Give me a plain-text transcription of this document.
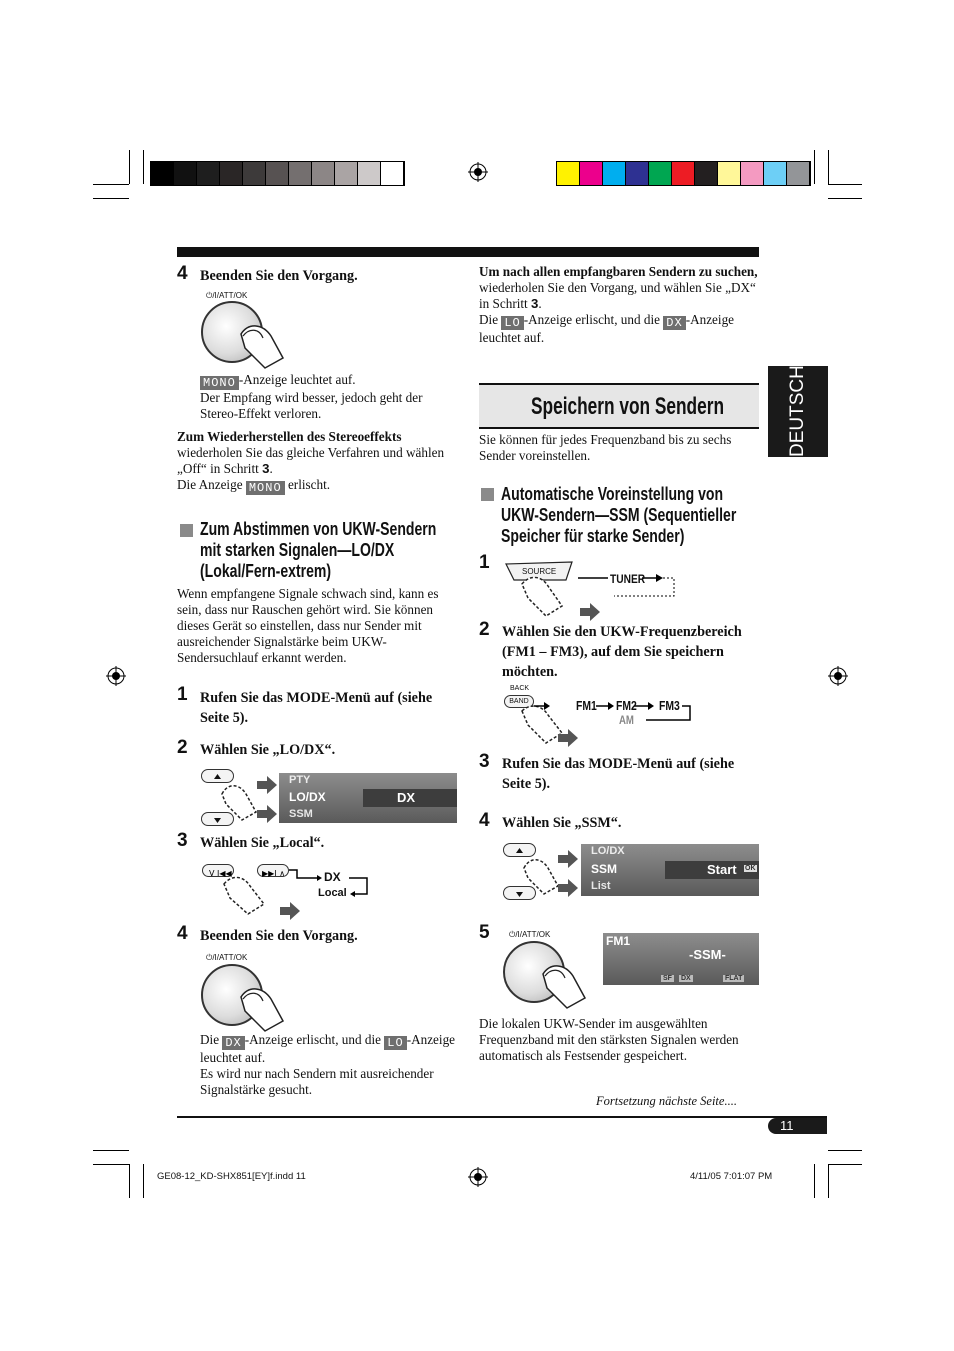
DEUTSCH
4 Beenden Sie den Vorgang.
⏻/I/ATT/OK
MONO -Anzeige leuchtet auf.
Der Empfang wird besser, jedoch geht der Stereo-Effekt verloren.
Zum Wiederherstellen des Stereoeffekts
wiederholen Sie das gleiche Verfahren und wählen „Off“ in Schritt 3.
Die Anzeige MONO erlischt.
Zum Abstimmen von UKW-Sendern
mit starken Signalen—LO/DX
(Lokal/Fern-extrem)
Wenn empfangene Signale schwach sind, kann es sein, dass nur Rauschen gehört wird. Sie können dieses Gerät so einstellen, dass nur Sender mit ausreichender Signalstärke beim UKW-Sendersuchlauf erkannt werden.
1 Rufen Sie das MODE-Menü auf (siehe Seite 5).
2 Wählen Sie „LO/DX“.
PTY
LO/DX
SSM
DX
3 Wählen Sie „Local“.
V I◀◀	▶▶I ∧	DX
Local
4 Beenden Sie den Vorgang.
⏻/I/ATT/OK
Die DX -Anzeige erlischt, und die LO -Anzeige leuchtet auf.
Es wird nur nach Sendern mit ausreichender Signalstärke gesucht.
Um nach allen empfangbaren Sendern zu suchen, wiederholen Sie den Vorgang, und wählen Sie „DX“ in Schritt 3.
Die LO -Anzeige erlischt, und die DX -Anzeige leuchtet auf.
Speichern von Sendern
Sie können für jedes Frequenzband bis zu sechs Sender voreinstellen.
Automatische Voreinstellung von
UKW-Sendern—SSM (Sequentieller
Speicher für starke Sender)
1	SOURCE
TUNER
2 Wählen Sie den UKW-Frequenzbereich (FM1 – FM3), auf dem Sie speichern möchten.
BACK
BAND	FM1 FM2 FM3
AM
3 Rufen Sie das MODE-Menü auf (siehe Seite 5).
4 Wählen Sie „SSM“.
LO/DX
SSM
List
Start OK
5 ⏻/I/ATT/OK	FM1
-SSM-
SF DX	FLAT
Die lokalen UKW-Sender im ausgewählten Frequenzband mit den stärksten Signalen werden automatisch als Festsender gespeichert.
Fortsetzung nächste Seite....
11
GE08-12_KD-SHX851[EY]f.indd 11	4/11/05 7:01:07 PM
